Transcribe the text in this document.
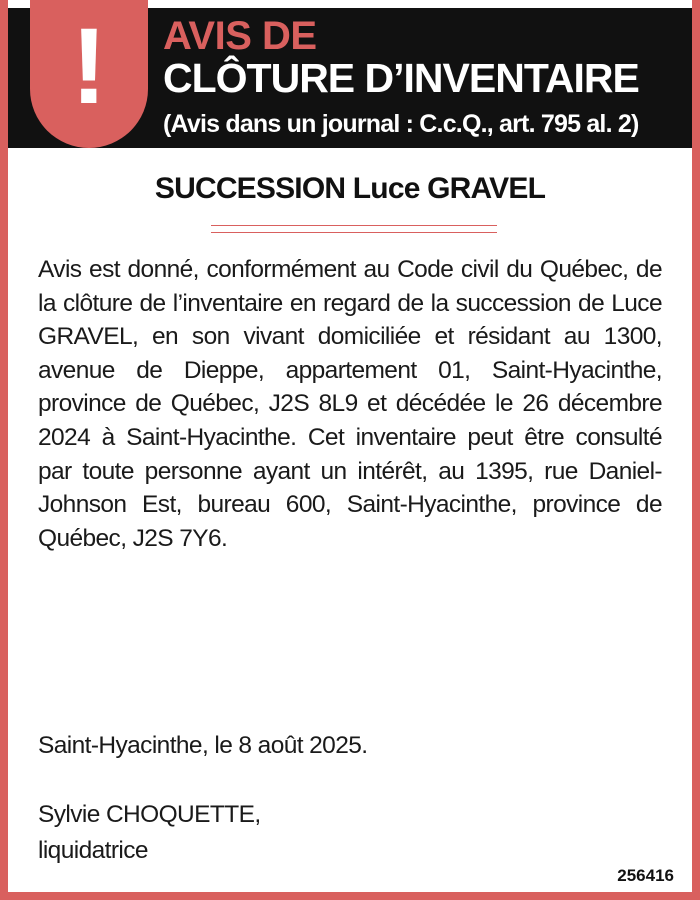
AVIS DE
CLÔTURE D’INVENTAIRE
(Avis dans un journal : C.c.Q., art. 795 al. 2)
!
SUCCESSION Luce GRAVEL

Avis est donné, conformément au Code civil du Québec, de la clôture de l’inventaire en regard de la succession de Luce GRAVEL, en son vivant domiciliée et résidant au 1300, avenue de Dieppe, appartement 01, Saint-Hyacinthe, province de Québec, J2S 8L9 et décédée le 26 décembre 2024 à Saint-Hyacinthe. Cet inventaire peut être consulté par toute personne ayant un intérêt, au 1395, rue Daniel-Johnson Est, bureau 600, Saint-Hyacinthe, province de Québec, J2S 7Y6.

Saint-Hyacinthe, le 8 août 2025.
Sylvie CHOQUETTE,
liquidatrice
256416
